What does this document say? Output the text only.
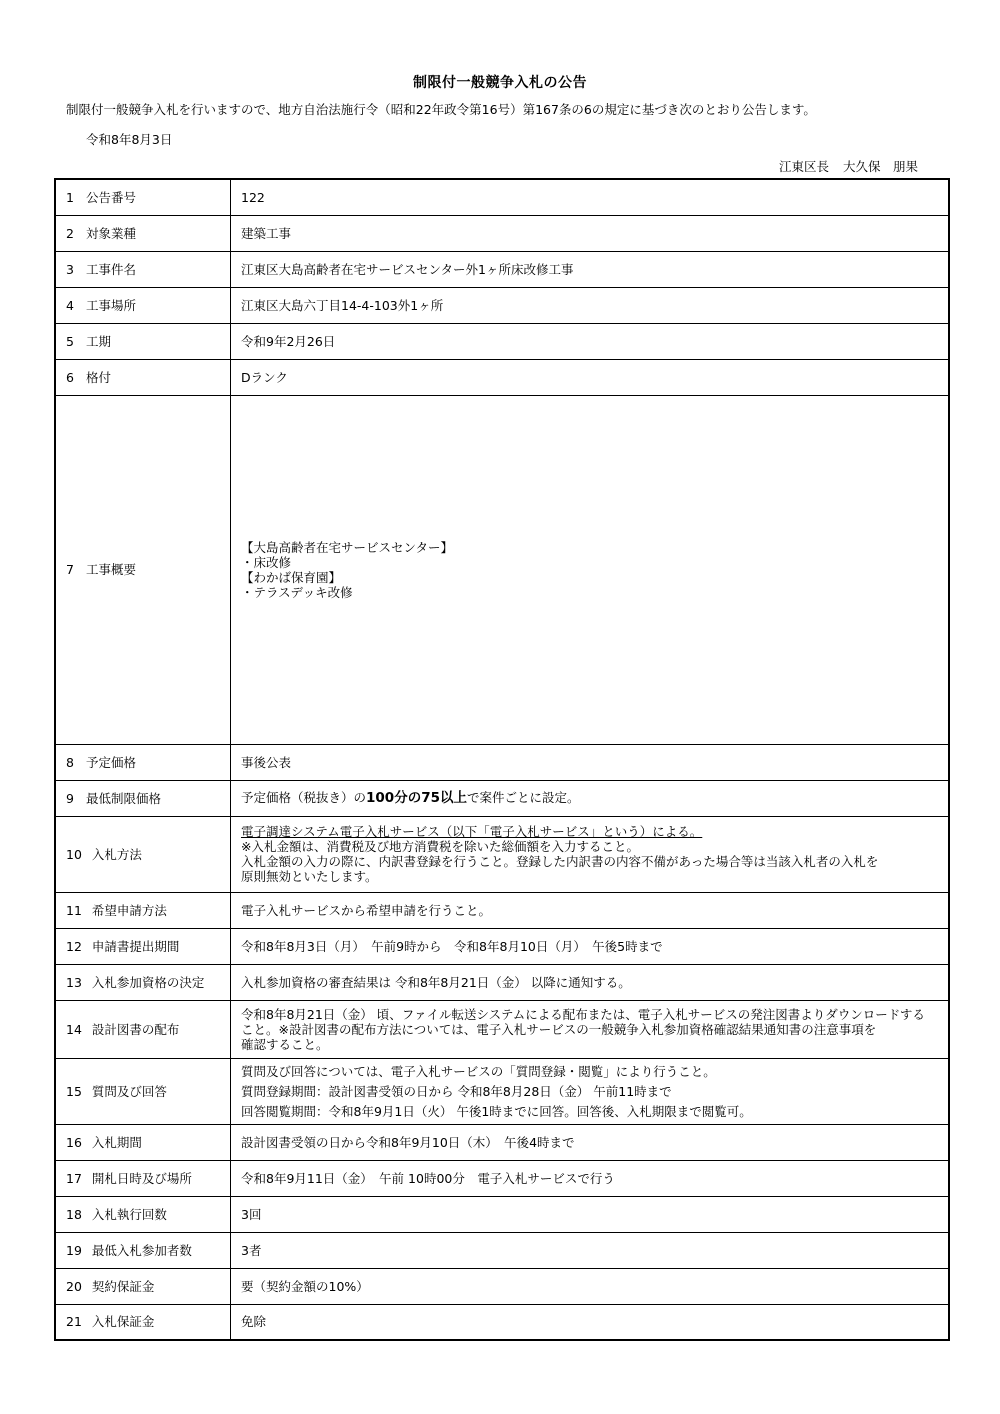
制限付一般競争入札の公告
制限付一般競争入札を行いますので、地方自治法施行令（昭和22年政令第16号）第167条の6の規定に基づき次のとおり公告します。
令和8年8月3日
江東区長 大久保　朋果
1 公告番号	122
2 対象業種	建築工事
3 工事件名	江東区大島高齢者在宅サービスセンター外1ヶ所床改修工事
4 工事場所	江東区大島六丁目14-4-103外1ヶ所
5 工期	令和9年2月26日
6 格付	Dランク
7 工事概要	【大島高齢者在宅サービスセンター】
・床改修
【わかば保育園】
・テラスデッキ改修

8 予定価格	事後公表
9 最低制限価格	予定価格（税抜き）の100分の75以上で案件ごとに設定。
10 入札方法	電子調達システム電子入札サービス（以下「電子入札サービス」という）による。
※入札金額は、消費税及び地方消費税を除いた総価額を入力すること。
入札金額の入力の際に、内訳書登録を行うこと。登録した内訳書の内容不備があった場合等は当該入札者の入札を
原則無効といたします。

11 希望申請方法	電子入札サービスから希望申請を行うこと。
12 申請書提出期間	令和8年8月3日（月）　午前9時から　令和8年8月10日（月）　午後5時まで
13 入札参加資格の決定	入札参加資格の審査結果は 令和8年8月21日（金） 以降に通知する。
14 設計図書の配布	令和8年8月21日（金） 頃、ファイル転送システムによる配布または、電子入札サービスの発注図書よりダウンロードする
こと。※設計図書の配布方法については、電子入札サービスの一般競争入札参加資格確認結果通知書の注意事項を
確認すること。

15 質問及び回答	質問及び回答については、電子入札サービスの「質問登録・閲覧」により行うこと。
質問登録期間：設計図書受領の日から 令和8年8月28日（金） 午前11時まで
回答閲覧期間：令和8年9月1日（火） 午後1時までに回答。回答後、入札期限まで閲覧可。

16 入札期間	設計図書受領の日から令和8年9月10日（木）　午後4時まで
17 開札日時及び場所	令和8年9月11日（金）　午前 10時00分　電子入札サービスで行う
18 入札執行回数	3回
19 最低入札参加者数	3者
20 契約保証金	要（契約金額の10%）
21 入札保証金	免除
